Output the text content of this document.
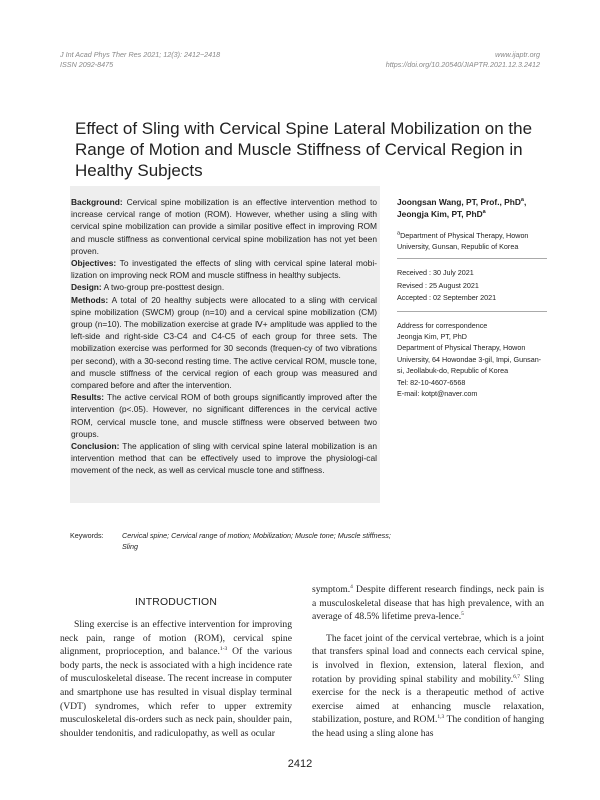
J Int Acad Phys Ther Res 2021; 12(3): 2412~2418
ISSN 2092-8475
www.ijaptr.org
https://doi.org/10.20540/JIAPTR.2021.12.3.2412
Effect of Sling with Cervical Spine Lateral Mobilization on the Range of Motion and Muscle Stiffness of Cervical Region in Healthy Subjects

Background: Cervical spine mobilization is an effective intervention method to increase cervical range of motion (ROM). However, whether using a sling with cervical spine mobilization can provide a similar positive effect in improving ROM and muscle stiffness as conventional cervical spine mobilization has not yet been proven.

Objectives: To investigated the effects of sling with cervical spine lateral mobi-lization on improving neck ROM and muscle stiffness in healthy subjects.

Design: A two-group pre-posttest design.

Methods: A total of 20 healthy subjects were allocated to a sling with cervical spine mobilization (SWCM) group (n=10) and a cervical spine mobilization (CM) group (n=10). The mobilization exercise at grade Ⅳ+ amplitude was applied to the left-side and right-side C3-C4 and C4-C5 of each group for three sets. The mobilization exercise was performed for 30 seconds (frequen-cy of two vibrations per second), with a 30-second resting time. The active cervical ROM, muscle tone, and muscle stiffness of the cervical region of each group was measured and compared before and after the intervention.

Results: The active cervical ROM of both groups significantly improved after the intervention (p<.05). However, no significant differences in the cervical active ROM, cervical muscle tone, and muscle stiffness were observed between two groups.

Conclusion: The application of sling with cervical spine lateral mobilization is an intervention method that can be effectively used to improve the physiologi-cal movement of the neck, as well as cervical muscle tone and stiffness.

Joongsan Wang, PT, Prof., PhD$^a$,
Jeongja Kim, PT, PhD$^a$
$^a$Department of Physical Therapy, Howon University, Gunsan, Republic of Korea
Received : 30 July 2021
Revised : 25 August 2021
Accepted : 02 September 2021
Address for correspondence
Jeongja Kim, PT, PhD
Department of Physical Therapy, Howon University, 64 Howondae 3-gil, Impi, Gunsan-si, Jeollabuk-do, Republic of Korea
Tel: 82-10-4607-6568
E-mail: kotpt@naver.com
Keywords:	Cervical spine; Cervical range of motion; Mobilization; Muscle tone; Muscle stiffness; Sling
INTRODUCTION

Sling exercise is an effective intervention for improving neck pain, range of motion (ROM), cervical spine alignment, proprioception, and balance.$^{1-3}$ Of the various body parts, the neck is associated with a high incidence rate of musculoskeletal disease. The recent increase in computer and smartphone use has resulted in visual display terminal (VDT) syndromes, which refer to upper extremity musculoskeletal dis-orders such as neck pain, shoulder pain, shoulder tendonitis, and radiculopathy, as well as ocular

symptom.$^4$ Despite different research findings, neck pain is a musculoskeletal disease that has high prevalence, with an average of 48.5% lifetime preva-lence.$^5$

The facet joint of the cervical vertebrae, which is a joint that transfers spinal load and connects each cervical spine, is involved in flexion, extension, lateral flexion, and rotation by providing spinal stability and mobility.$^{6,7}$ Sling exercise for the neck is a therapeutic method of active exercise aimed at enhancing muscle relaxation, stabilization, posture, and ROM.$^{1,3}$ The condition of hanging the head using a sling alone has

2412
